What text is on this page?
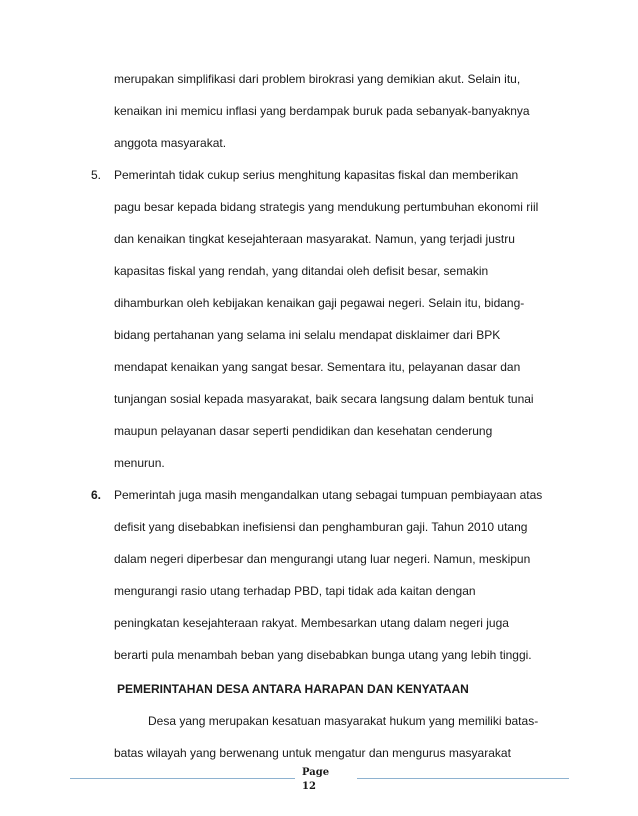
merupakan simplifikasi dari problem birokrasi yang demikian akut. Selain itu,
kenaikan ini memicu inflasi yang berdampak buruk pada sebanyak-banyaknya
anggota masyarakat.
5. Pemerintah tidak cukup serius menghitung kapasitas fiskal dan memberikan
pagu besar kepada bidang strategis yang mendukung pertumbuhan ekonomi riil
dan kenaikan tingkat kesejahteraan masyarakat. Namun, yang terjadi justru
kapasitas fiskal yang rendah, yang ditandai oleh defisit besar, semakin
dihamburkan oleh kebijakan kenaikan gaji pegawai negeri. Selain itu, bidang-
bidang pertahanan yang selama ini selalu mendapat disklaimer dari BPK
mendapat kenaikan yang sangat besar. Sementara itu, pelayanan dasar dan
tunjangan sosial kepada masyarakat, baik secara langsung dalam bentuk tunai
maupun pelayanan dasar seperti pendidikan dan kesehatan cenderung
menurun.
6. Pemerintah juga masih mengandalkan utang sebagai tumpuan pembiayaan atas
defisit yang disebabkan inefisiensi dan penghamburan gaji. Tahun 2010 utang
dalam negeri diperbesar dan mengurangi utang luar negeri. Namun, meskipun
mengurangi rasio utang terhadap PBD, tapi tidak ada kaitan dengan
peningkatan kesejahteraan rakyat. Membesarkan utang dalam negeri juga
berarti pula menambah beban yang disebabkan bunga utang yang lebih tinggi.
PEMERINTAHAN DESA ANTARA HARAPAN DAN KENYATAAN
Desa yang merupakan kesatuan masyarakat hukum yang memiliki batas-
batas wilayah yang berwenang untuk mengatur dan mengurus masyarakat
Page
12
